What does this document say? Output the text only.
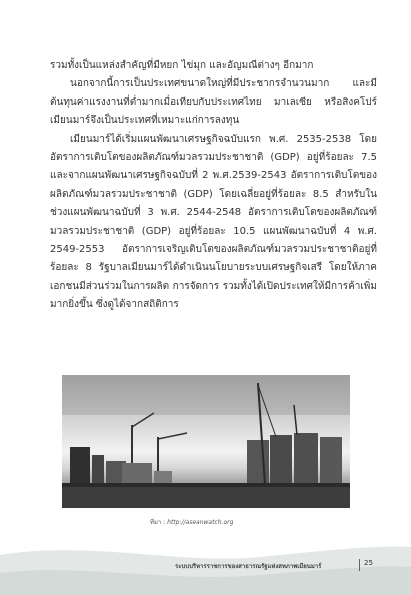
รวมทั้งเป็นแหล่งสำคัญที่มีหยก ไข่มุก และอัญมณีต่างๆ อีกมาก

นอกจากนี้การเป็นประเทศขนาดใหญ่ที่มีประชากรจำนวนมาก และมีต้นทุนค่าแรงงานที่ต่ำมากเมื่อเทียบกับประเทศไทย มาเลเซีย หรือสิงคโปร์ เมียนมาร์จึงเป็นประเทศที่เหมาะแก่การลงทุน

เมียนมาร์ได้เริ่มแผนพัฒนาเศรษฐกิจฉบับแรก พ.ศ. 2535-2538 โดยอัตราการเติบโตของผลิตภัณฑ์มวลรวมประชาชาติ (GDP) อยู่ที่ร้อยละ 7.5 และจากแผนพัฒนาเศรษฐกิจฉบับที่ 2 พ.ศ.2539-2543 อัตราการเติบโตของผลิตภัณฑ์มวลรวมประชาชาติ (GDP) โดยเฉลี่ยอยู่ที่ร้อยละ 8.5 สำหรับในช่วงแผนพัฒนาฉบับที่ 3 พ.ศ. 2544-2548 อัตราการเติบโตของผลิตภัณฑ์มวลรวมประชาชาติ (GDP) อยู่ที่ร้อยละ 10.5 แผนพัฒนาฉบับที่ 4 พ.ศ. 2549-2553 อัตราการเจริญเติบโตของผลิตภัณฑ์มวลรวมประชาชาติอยู่ที่ร้อยละ 8 รัฐบาลเมียนมาร์ได้ดำเนินนโยบายระบบเศรษฐกิจเสรี โดยให้ภาคเอกชนมีส่วนร่วมในการผลิต การจัดการ รวมทั้งได้เปิดประเทศให้มีการค้าเพิ่มมากยิ่งขึ้น ซึ่งดูได้จากสถิติการ

ที่มา : http://aseanwatch.org
ระบบบริหารราชการของสาธารณรัฐแห่งสหภาพเมียนมาร์	25
